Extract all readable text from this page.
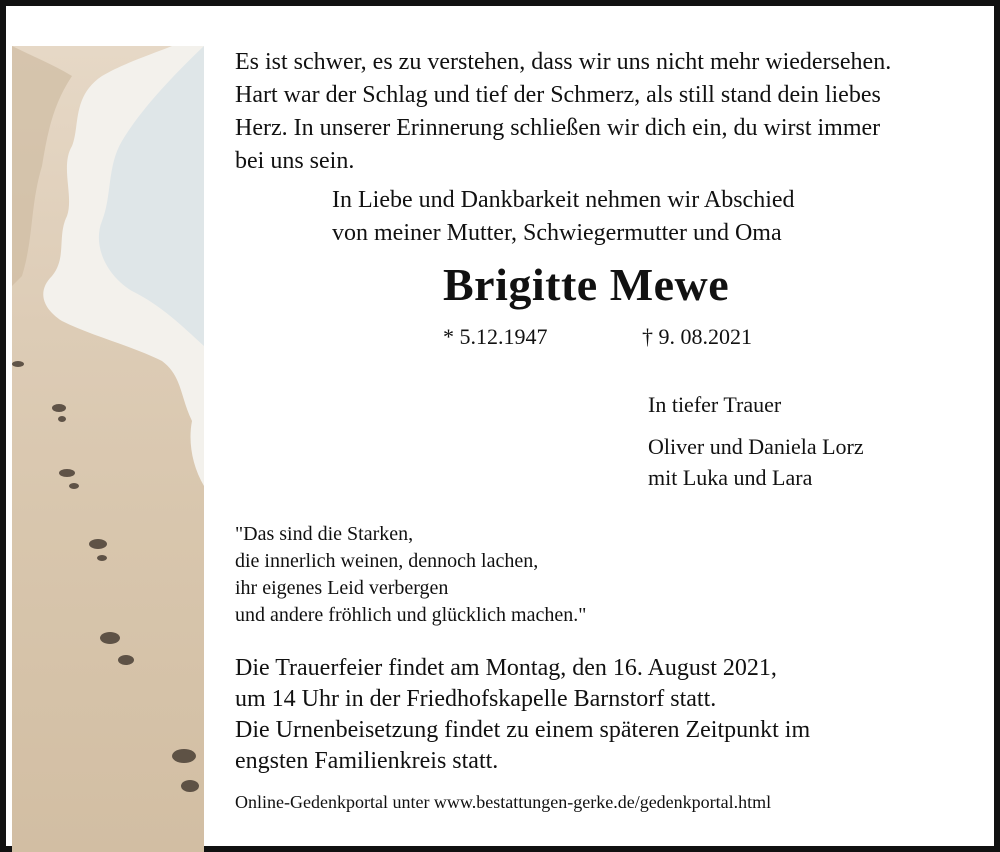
Es ist schwer, es zu verstehen, dass wir uns nicht mehr wiedersehen.
Hart war der Schlag und tief der Schmerz, als still stand dein liebes
Herz. In unserer Erinnerung schließen wir dich ein, du wirst immer
bei uns sein.
In Liebe und Dankbarkeit nehmen wir Abschied
von meiner Mutter, Schwiegermutter und Oma
Brigitte Mewe
* 5.12.1947	† 9. 08.2021
In tiefer Trauer
Oliver und Daniela Lorz
mit Luka und Lara
"Das sind die Starken,
die innerlich weinen, dennoch lachen,
ihr eigenes Leid verbergen
und andere fröhlich und glücklich machen."
Die Trauerfeier findet am Montag, den 16. August 2021,
um 14 Uhr in der Friedhofskapelle Barnstorf statt.
Die Urnenbeisetzung findet zu einem späteren Zeitpunkt im
engsten Familienkreis statt.
Online-Gedenkportal unter www.bestattungen-gerke.de/gedenkportal.html
